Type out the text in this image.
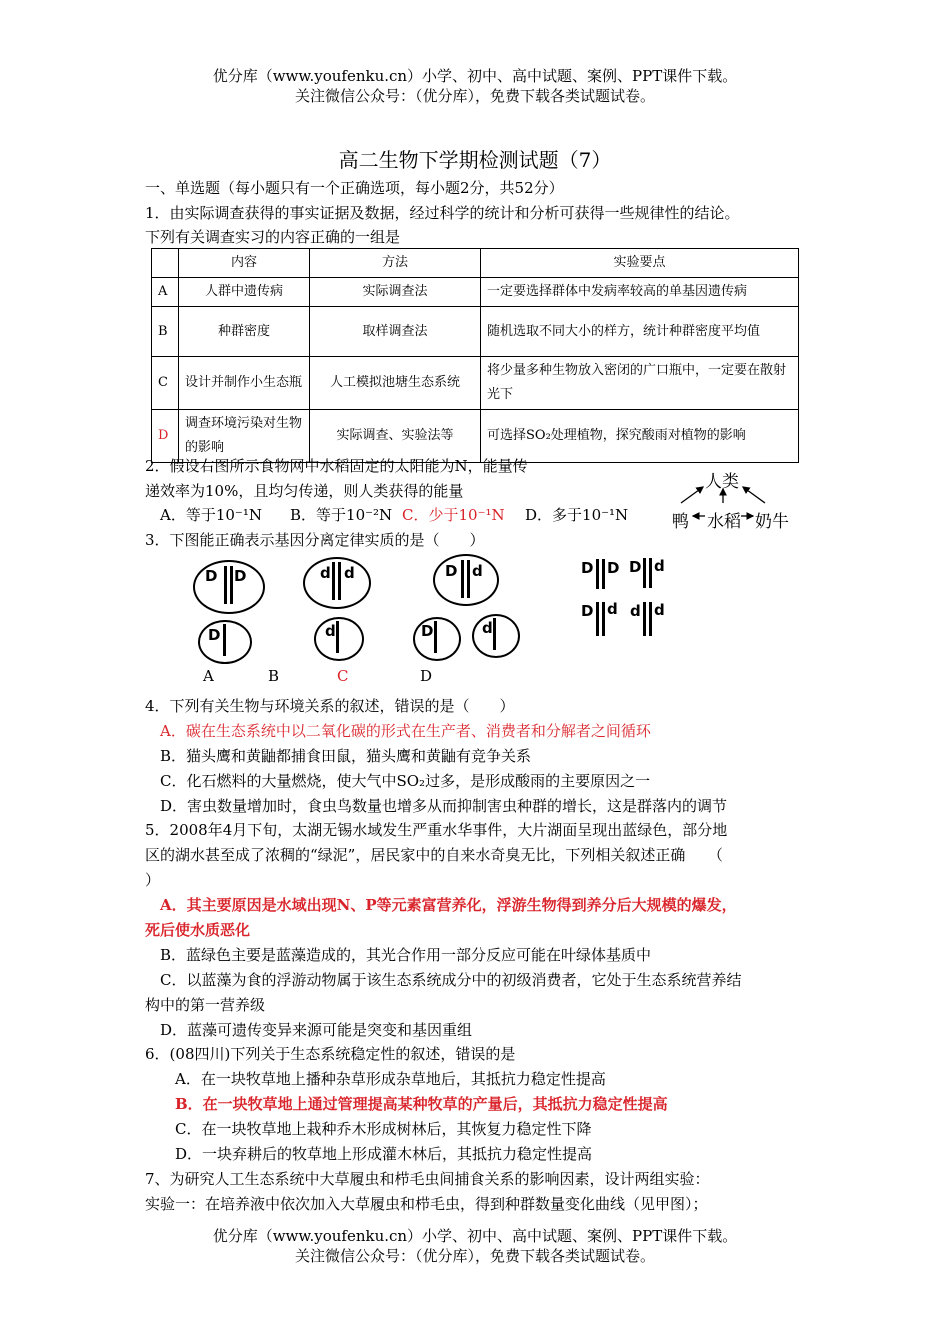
优分库（www.youfenku.cn）小学、初中、高中试题、案例、PPT课件下载。
关注微信公众号：（优分库），免费下载各类试题试卷。
高二生物下学期检测试题（7）
一、单选题（每小题只有一个正确选项，每小题2分，共52分）
1．由实际调查获得的事实证据及数据，经过科学的统计和分析可获得一些规律性的结论。
下列有关调查实习的内容正确的一组是
	内容	方法	实验要点
A	人群中遗传病	实际调查法	一定要选择群体中发病率较高的单基因遗传病
B	种群密度	取样调查法	随机选取不同大小的样方，统计种群密度平均值
C	设计并制作小生态瓶	人工模拟池塘生态系统	将少量多种生物放入密闭的广口瓶中，一定要在散射光下
D	调查环境污染对生物的影响	实际调查、实验法等	可选择SO₂处理植物，探究酸雨对植物的影响
2．假设右图所示食物网中水稻固定的太阳能为N，能量传
递效率为10%，且均匀传递，则人类获得的能量
A．等于10⁻¹N B．等于10⁻²N C．少于10⁻¹N D．多于10⁻¹N
人类
鸭 水稻 奶牛
3．下图能正确表示基因分离定律实质的是（　　）
D D
D
A	B
d d
d
C
D d
D	d
D
D D D d
D d d d
4．下列有关生物与环境关系的叙述，错误的是（　　）
A．碳在生态系统中以二氧化碳的形式在生产者、消费者和分解者之间循环
B．猫头鹰和黄鼬都捕食田鼠，猫头鹰和黄鼬有竞争关系
C．化石燃料的大量燃烧，使大气中SO₂过多，是形成酸雨的主要原因之一
D．害虫数量增加时，食虫鸟数量也增多从而抑制害虫种群的增长，这是群落内的调节
5．2008年4月下旬，太湖无锡水域发生严重水华事件，大片湖面呈现出蓝绿色，部分地
区的湖水甚至成了浓稠的“绿泥”，居民家中的自来水奇臭无比，下列相关叙述正确　　（
）
A．其主要原因是水域出现N、P等元素富营养化，浮游生物得到养分后大规模的爆发，
死后使水质恶化
B．蓝绿色主要是蓝藻造成的，其光合作用一部分反应可能在叶绿体基质中
C．以蓝藻为食的浮游动物属于该生态系统成分中的初级消费者，它处于生态系统营养结
构中的第一营养级
D．蓝藻可遗传变异来源可能是突变和基因重组
6．(08四川)下列关于生态系统稳定性的叙述，错误的是
A．在一块牧草地上播种杂草形成杂草地后，其抵抗力稳定性提高
B．在一块牧草地上通过管理提高某种牧草的产量后，其抵抗力稳定性提高
C．在一块牧草地上栽种乔木形成树林后，其恢复力稳定性下降
D．一块弃耕后的牧草地上形成灌木林后，其抵抗力稳定性提高
7、为研究人工生态系统中大草履虫和栉毛虫间捕食关系的影响因素，设计两组实验：
实验一：在培养液中依次加入大草履虫和栉毛虫，得到种群数量变化曲线（见甲图）；
优分库（www.youfenku.cn）小学、初中、高中试题、案例、PPT课件下载。
关注微信公众号：（优分库），免费下载各类试题试卷。
